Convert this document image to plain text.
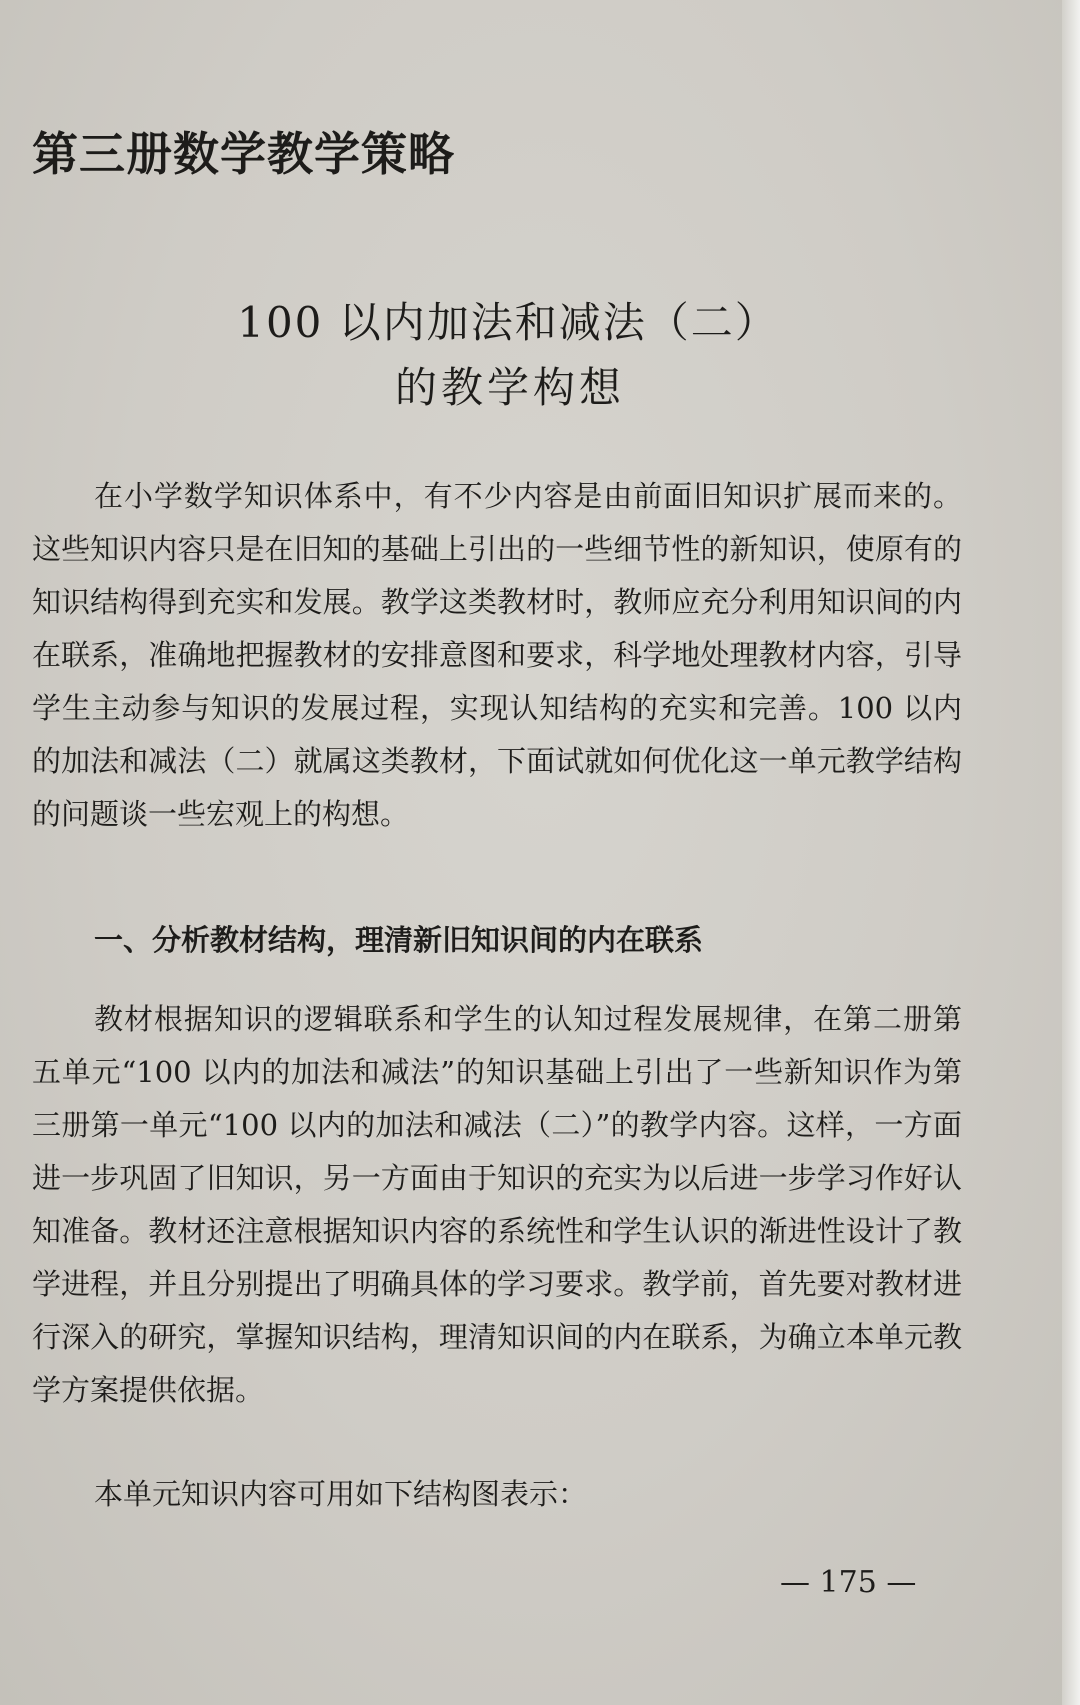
第三册数学教学策略
100 以内加法和减法（二）
的教学构想

在小学数学知识体系中，有不少内容是由前面旧知识扩展而来的。这些知识内容只是在旧知的基础上引出的一些细节性的新知识，使原有的知识结构得到充实和发展。教学这类教材时，教师应充分利用知识间的内在联系，准确地把握教材的安排意图和要求，科学地处理教材内容，引导学生主动参与知识的发展过程，实现认知结构的充实和完善。100 以内的加法和减法（二）就属这类教材，下面试就如何优化这一单元教学结构的问题谈一些宏观上的构想。

一、分析教材结构，理清新旧知识间的内在联系

教材根据知识的逻辑联系和学生的认知过程发展规律，在第二册第五单元“100 以内的加法和减法”的知识基础上引出了一些新知识作为第三册第一单元“100 以内的加法和减法（二）”的教学内容。这样，一方面进一步巩固了旧知识，另一方面由于知识的充实为以后进一步学习作好认知准备。教材还注意根据知识内容的系统性和学生认识的渐进性设计了教学进程，并且分别提出了明确具体的学习要求。教学前，首先要对教材进行深入的研究，掌握知识结构，理清知识间的内在联系，为确立本单元教学方案提供依据。

本单元知识内容可用如下结构图表示：

— 175 —
